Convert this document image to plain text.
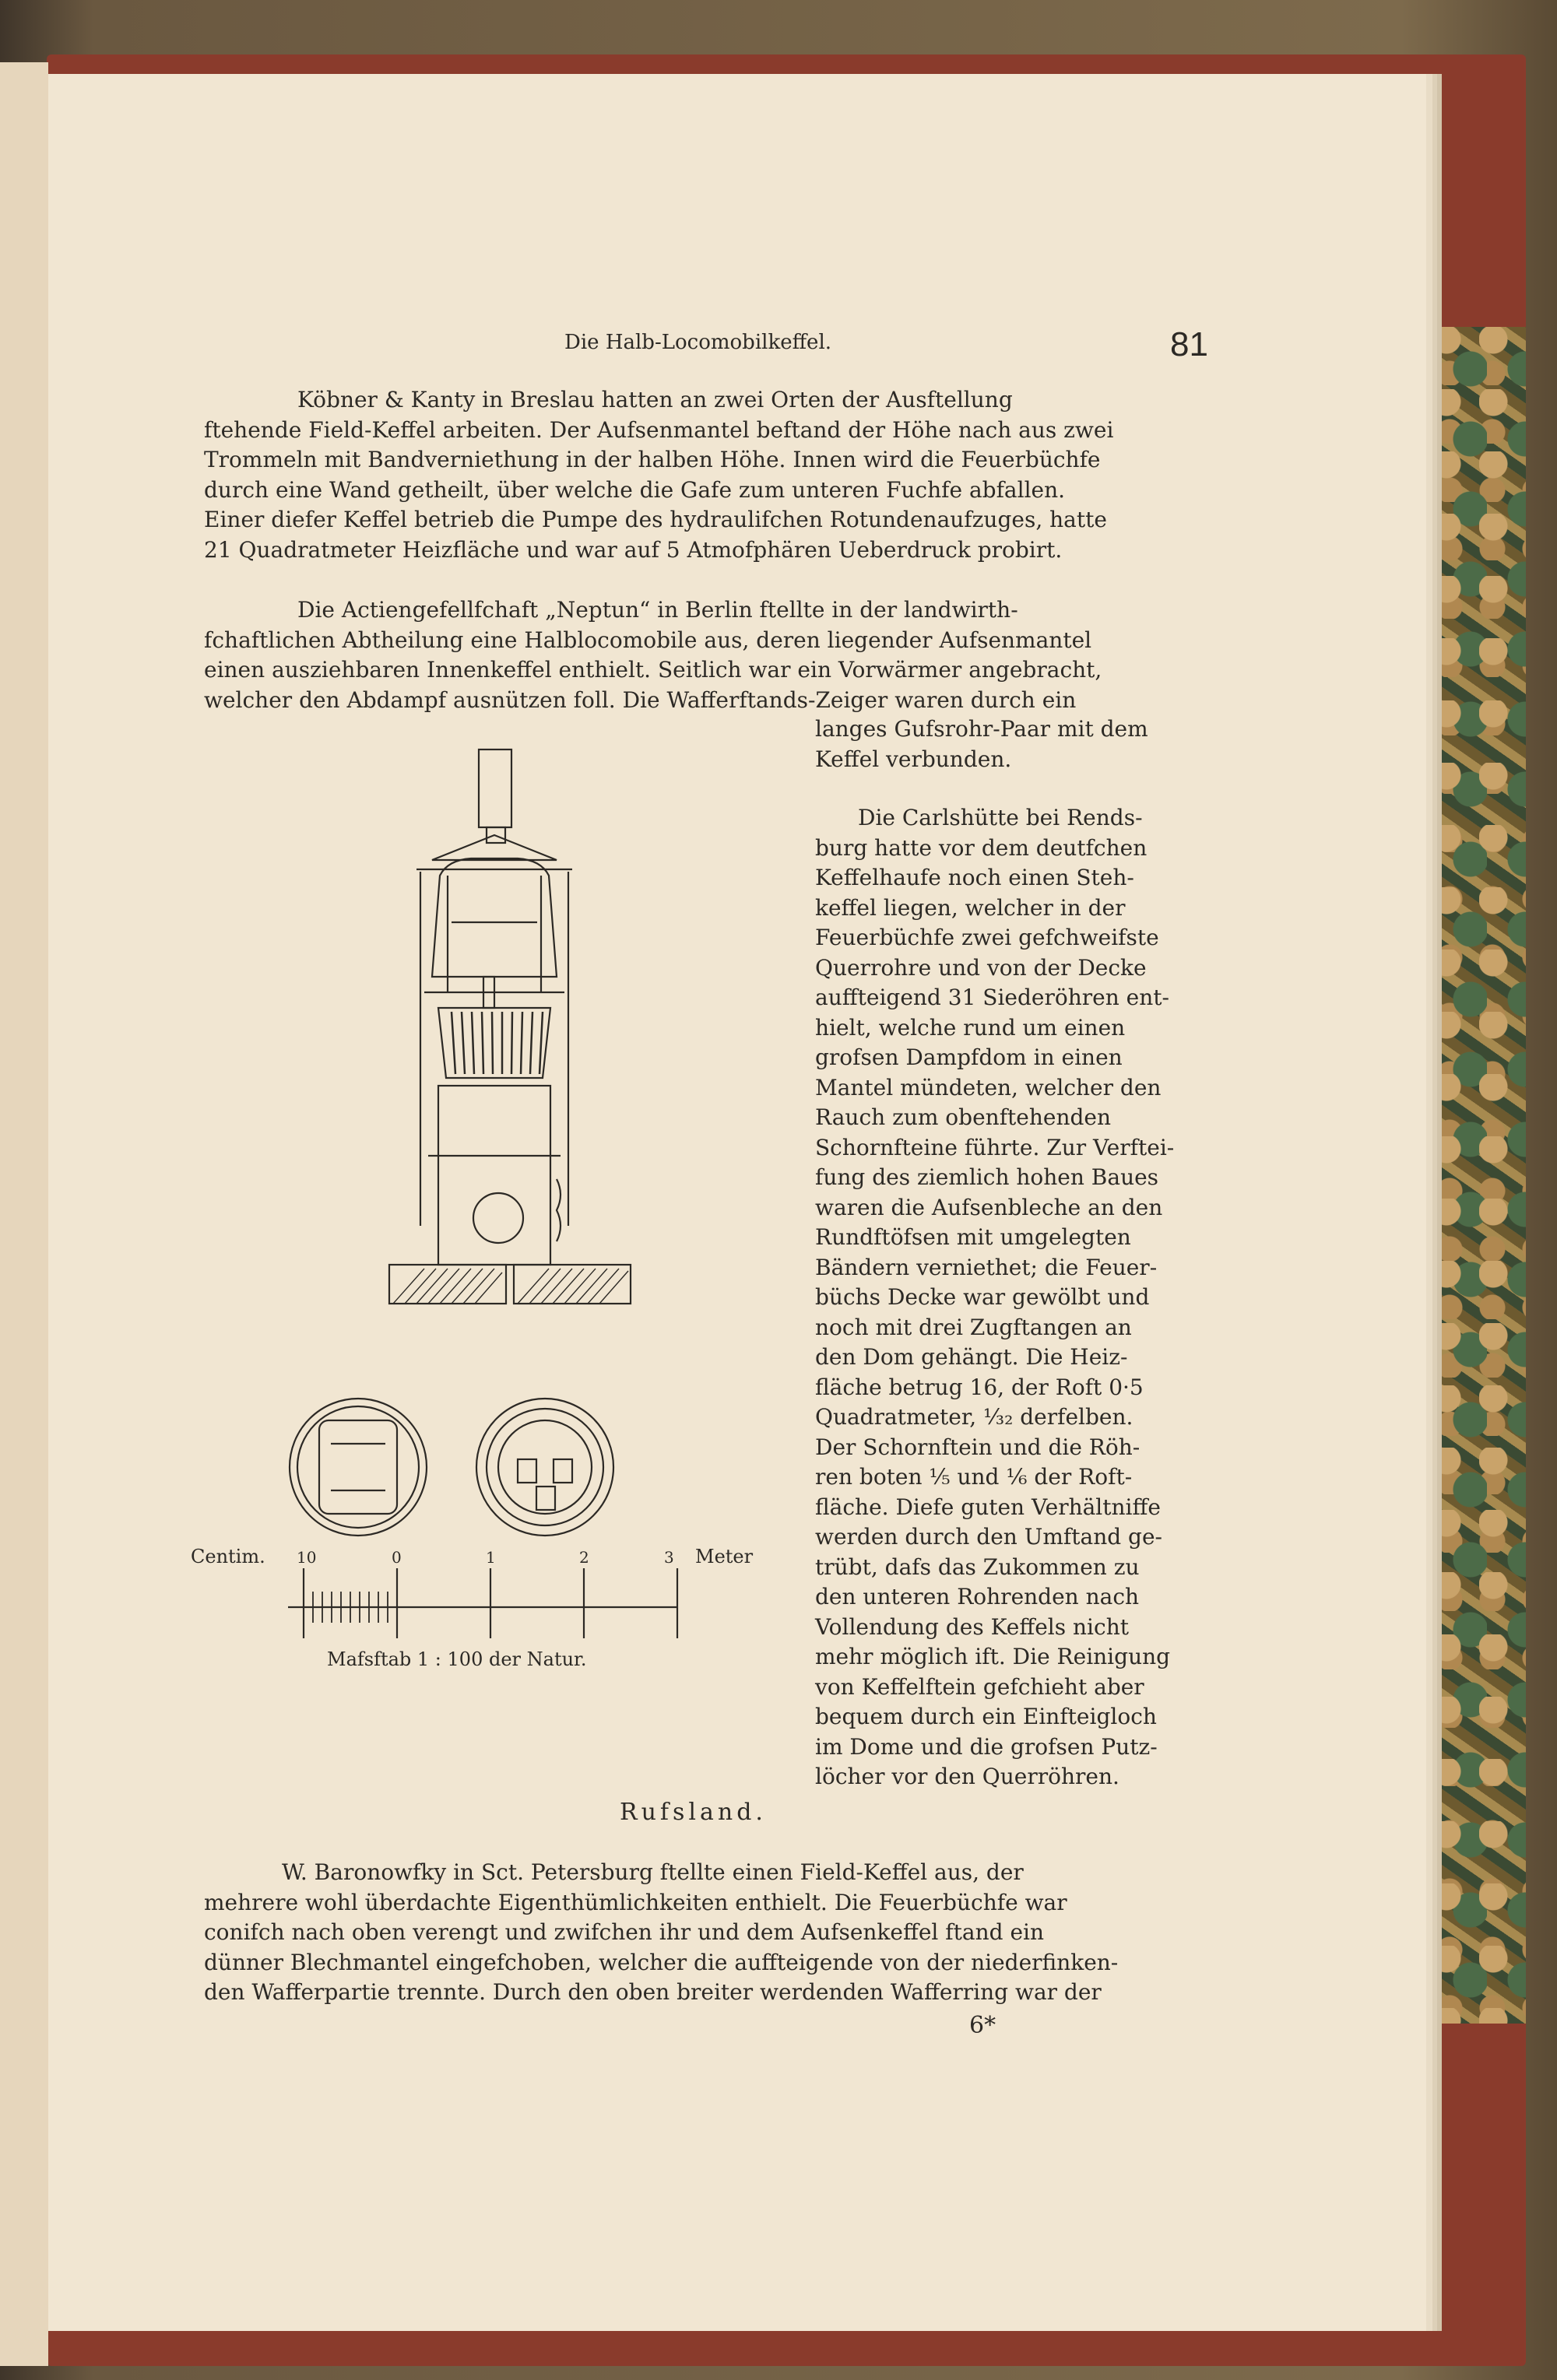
Die Halb-Locomobilkeffel.	81
Köbner & Kanty in Breslau hatten an zwei Orten der Ausftellung
ftehende Field-Keffel arbeiten. Der Aufsenmantel beftand der Höhe nach aus zwei
Trommeln mit Bandverniethung in der halben Höhe. Innen wird die Feuerbüchfe
durch eine Wand getheilt, über welche die Gafe zum unteren Fuchfe abfallen.
Einer diefer Keffel betrieb die Pumpe des hydraulifchen Rotundenaufzuges, hatte
21 Quadratmeter Heizfläche und war auf 5 Atmofphären Ueberdruck probirt.
Die Actiengefellfchaft „Neptun“ in Berlin ftellte in der landwirth-
fchaftlichen Abtheilung eine Halblocomobile aus, deren liegender Aufsenmantel
einen ausziehbaren Innenkeffel enthielt. Seitlich war ein Vorwärmer angebracht,
welcher den Abdampf ausnützen foll. Die Wafferftands-Zeiger waren durch ein
langes Gufsrohr-Paar mit dem
Keffel verbunden.
Die Carlshütte bei Rends-
burg hatte vor dem deutfchen
Keffelhaufe noch einen Steh-
keffel liegen, welcher in der
Feuerbüchfe zwei gefchweifste
Querrohre und von der Decke
auffteigend 31 Siederöhren ent-
hielt, welche rund um einen
grofsen Dampfdom in einen
Mantel mündeten, welcher den
Rauch zum obenftehenden
Schornfteine führte. Zur Verftei-
fung des ziemlich hohen Baues
waren die Aufsenbleche an den
Rundftöfsen mit umgelegten
Bändern verniethet; die Feuer-
büchs Decke war gewölbt und
noch mit drei Zugftangen an
den Dom gehängt. Die Heiz-
fläche betrug 16, der Roft 0·5
Quadratmeter, ¹⁄₃₂ derfelben.
Der Schornftein und die Röh-
ren boten ¹⁄₅ und ¹⁄₆ der Roft-
fläche. Diefe guten Verhältniffe
werden durch den Umftand ge-
trübt, dafs das Zukommen zu
den unteren Rohrenden nach
Vollendung des Keffels nicht
mehr möglich ift. Die Reinigung
von Keffelftein gefchieht aber
bequem durch ein Einfteigloch
im Dome und die grofsen Putz-
löcher vor den Querröhren.
Centim. 10	0	1	2	3 Meter
Mafsftab 1 : 100 der Natur.
Rufsland.
W. Baronowfky in Sct. Petersburg ftellte einen Field-Keffel aus, der
mehrere wohl überdachte Eigenthümlichkeiten enthielt. Die Feuerbüchfe war
conifch nach oben verengt und zwifchen ihr und dem Aufsenkeffel ftand ein
dünner Blechmantel eingefchoben, welcher die auffteigende von der niederfinken-
den Wafferpartie trennte. Durch den oben breiter werdenden Wafferring war der
6*
